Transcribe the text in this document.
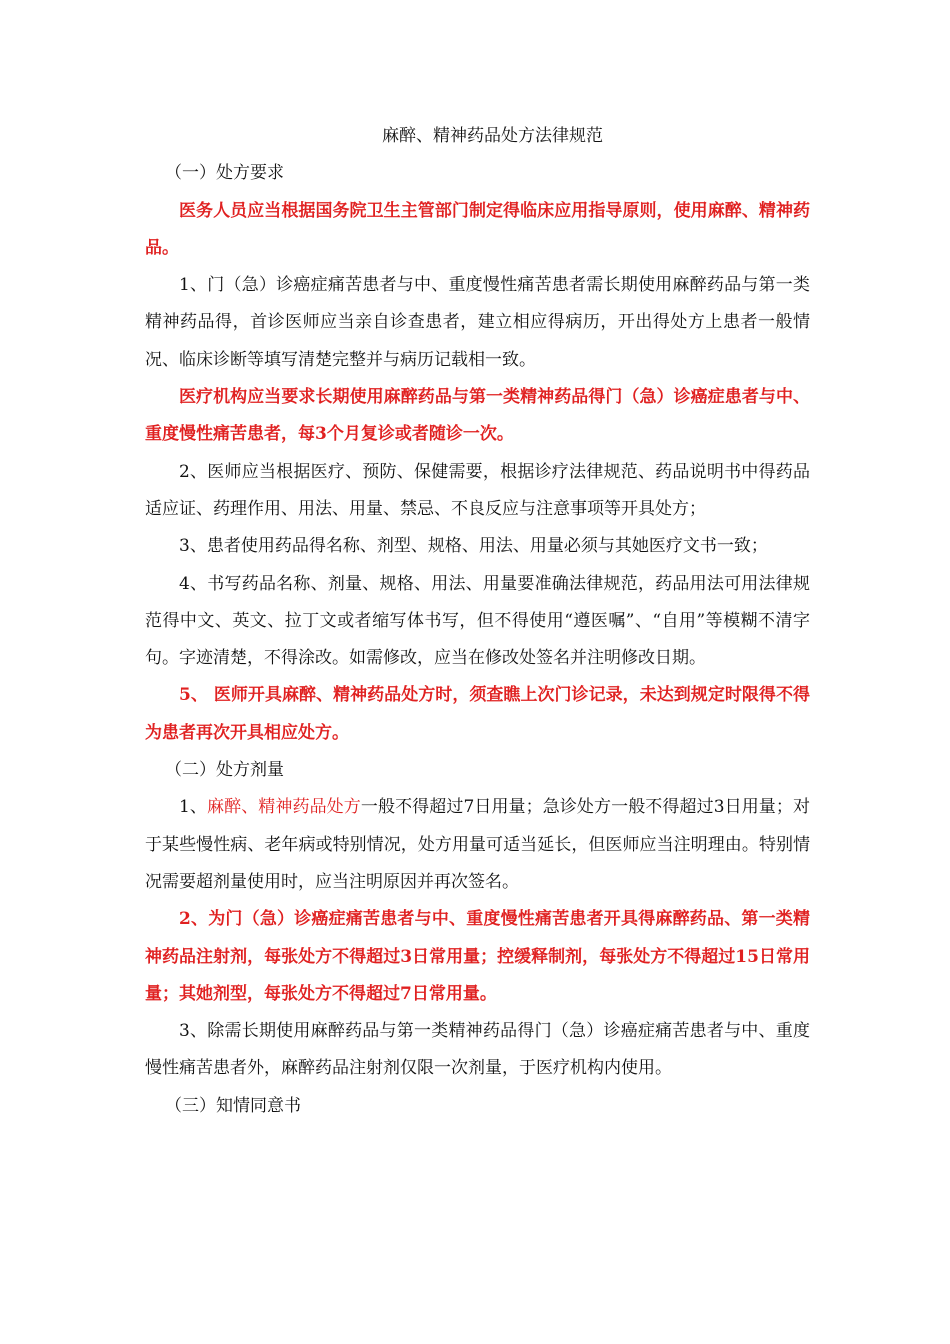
麻醉、精神药品处方法律规范

（一）处方要求

医务人员应当根据国务院卫生主管部门制定得临床应用指导原则，使用麻醉、精神药品。

1、门（急）诊癌症痛苦患者与中、重度慢性痛苦患者需长期使用麻醉药品与第一类精神药品得，首诊医师应当亲自诊查患者，建立相应得病历，开出得处方上患者一般情况、临床诊断等填写清楚完整并与病历记载相一致。

医疗机构应当要求长期使用麻醉药品与第一类精神药品得门（急）诊癌症患者与中、重度慢性痛苦患者，每3个月复诊或者随诊一次。

2、医师应当根据医疗、预防、保健需要，根据诊疗法律规范、药品说明书中得药品适应证、药理作用、用法、用量、禁忌、不良反应与注意事项等开具处方；

3、患者使用药品得名称、剂型、规格、用法、用量必须与其她医疗文书一致；

4、书写药品名称、剂量、规格、用法、用量要准确法律规范，药品用法可用法律规范得中文、英文、拉丁文或者缩写体书写，但不得使用“遵医嘱”、“自用”等模糊不清字句。字迹清楚，不得涂改。如需修改，应当在修改处签名并注明修改日期。

5、 医师开具麻醉、精神药品处方时，须查瞧上次门诊记录，未达到规定时限得不得为患者再次开具相应处方。

（二）处方剂量

1、麻醉、精神药品处方一般不得超过7日用量；急诊处方一般不得超过3日用量；对于某些慢性病、老年病或特别情况，处方用量可适当延长，但医师应当注明理由。特别情况需要超剂量使用时，应当注明原因并再次签名。

2、为门（急）诊癌症痛苦患者与中、重度慢性痛苦患者开具得麻醉药品、第一类精神药品注射剂，每张处方不得超过3日常用量；控缓释制剂，每张处方不得超过15日常用量；其她剂型，每张处方不得超过7日常用量。

3、除需长期使用麻醉药品与第一类精神药品得门（急）诊癌症痛苦患者与中、重度慢性痛苦患者外，麻醉药品注射剂仅限一次剂量，于医疗机构内使用。

（三）知情同意书
